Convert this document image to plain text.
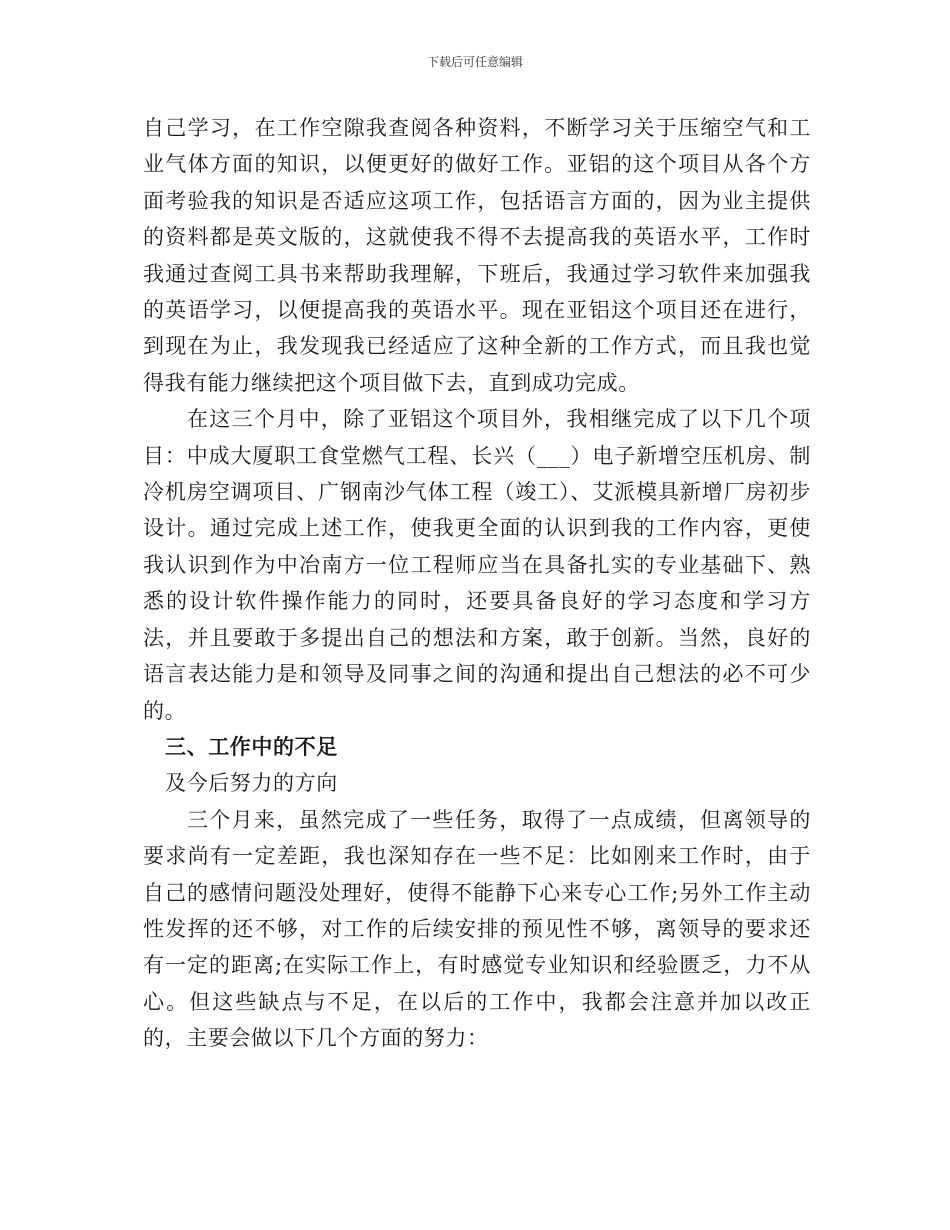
下载后可任意编辑

自己学习，在工作空隙我查阅各种资料，不断学习关于压缩空气和工业气体方面的知识，以便更好的做好工作。亚铝的这个项目从各个方面考验我的知识是否适应这项工作，包括语言方面的，因为业主提供的资料都是英文版的，这就使我不得不去提高我的英语水平，工作时我通过查阅工具书来帮助我理解，下班后，我通过学习软件来加强我的英语学习，以便提高我的英语水平。现在亚铝这个项目还在进行，到现在为止，我发现我已经适应了这种全新的工作方式，而且我也觉得我有能力继续把这个项目做下去，直到成功完成。

在这三个月中，除了亚铝这个项目外，我相继完成了以下几个项目：中成大厦职工食堂燃气工程、长兴（___）电子新增空压机房、制冷机房空调项目、广钢南沙气体工程（竣工）、艾派模具新增厂房初步设计。通过完成上述工作，使我更全面的认识到我的工作内容，更使我认识到作为中冶南方一位工程师应当在具备扎实的专业基础下、熟悉的设计软件操作能力的同时，还要具备良好的学习态度和学习方法，并且要敢于多提出自己的想法和方案，敢于创新。当然，良好的语言表达能力是和领导及同事之间的沟通和提出自己想法的必不可少的。

三、工作中的不足

及今后努力的方向

三个月来，虽然完成了一些任务，取得了一点成绩，但离领导的要求尚有一定差距，我也深知存在一些不足：比如刚来工作时，由于自己的感情问题没处理好，使得不能静下心来专心工作;另外工作主动性发挥的还不够，对工作的后续安排的预见性不够，离领导的要求还有一定的距离;在实际工作上，有时感觉专业知识和经验匮乏，力不从心。但这些缺点与不足，在以后的工作中，我都会注意并加以改正的，主要会做以下几个方面的努力：
